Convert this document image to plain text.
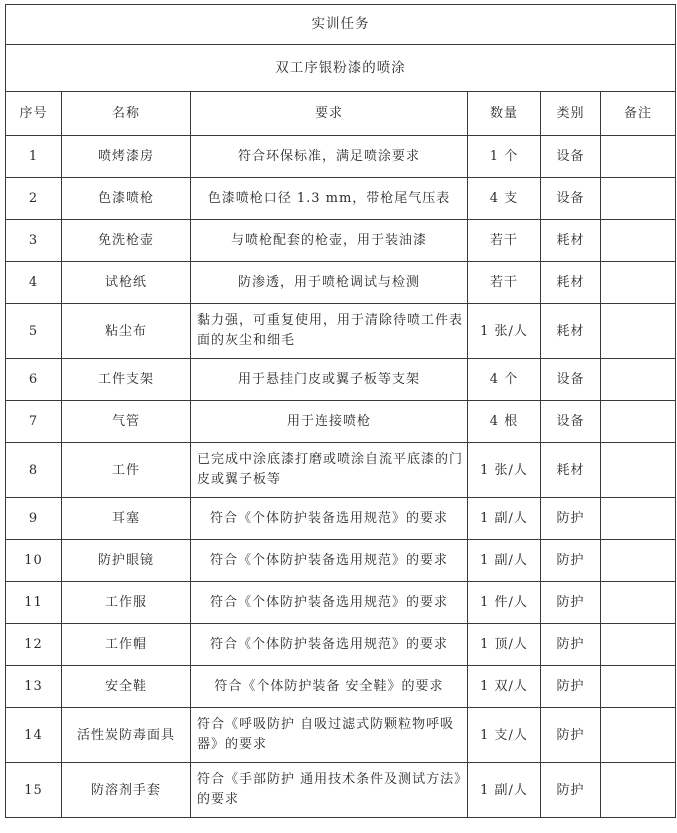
实训任务					
双工序银粉漆的喷涂					
序号	名称	要求	数量	类别	备注
1	喷烤漆房	符合环保标准，满足喷涂要求	1 个	设备	
2	色漆喷枪	色漆喷枪口径 1.3 mm，带枪尾气压表	4 支	设备	
3	免洗枪壶	与喷枪配套的枪壶，用于装油漆	若干	耗材	
4	试枪纸	防渗透，用于喷枪调试与检测	若干	耗材	
5	粘尘布	黏力强，可重复使用，用于清除待喷工件表面的灰尘和细毛	1 张/人	耗材	
6	工件支架	用于悬挂门皮或翼子板等支架	4 个	设备	
7	气管	用于连接喷枪	4 根	设备	
8	工件	已完成中涂底漆打磨或喷涂自流平底漆的门皮或翼子板等	1 张/人	耗材	
9	耳塞	符合《个体防护装备选用规范》的要求	1 副/人	防护	
10	防护眼镜	符合《个体防护装备选用规范》的要求	1 副/人	防护	
11	工作服	符合《个体防护装备选用规范》的要求	1 件/人	防护	
12	工作帽	符合《个体防护装备选用规范》的要求	1 顶/人	防护	
13	安全鞋	符合《个体防护装备 安全鞋》的要求	1 双/人	防护	
14	活性炭防毒面具	符合《呼吸防护 自吸过滤式防颗粒物呼吸器》的要求	1 支/人	防护	
15	防溶剂手套	符合《手部防护 通用技术条件及测试方法》的要求	1 副/人	防护	
